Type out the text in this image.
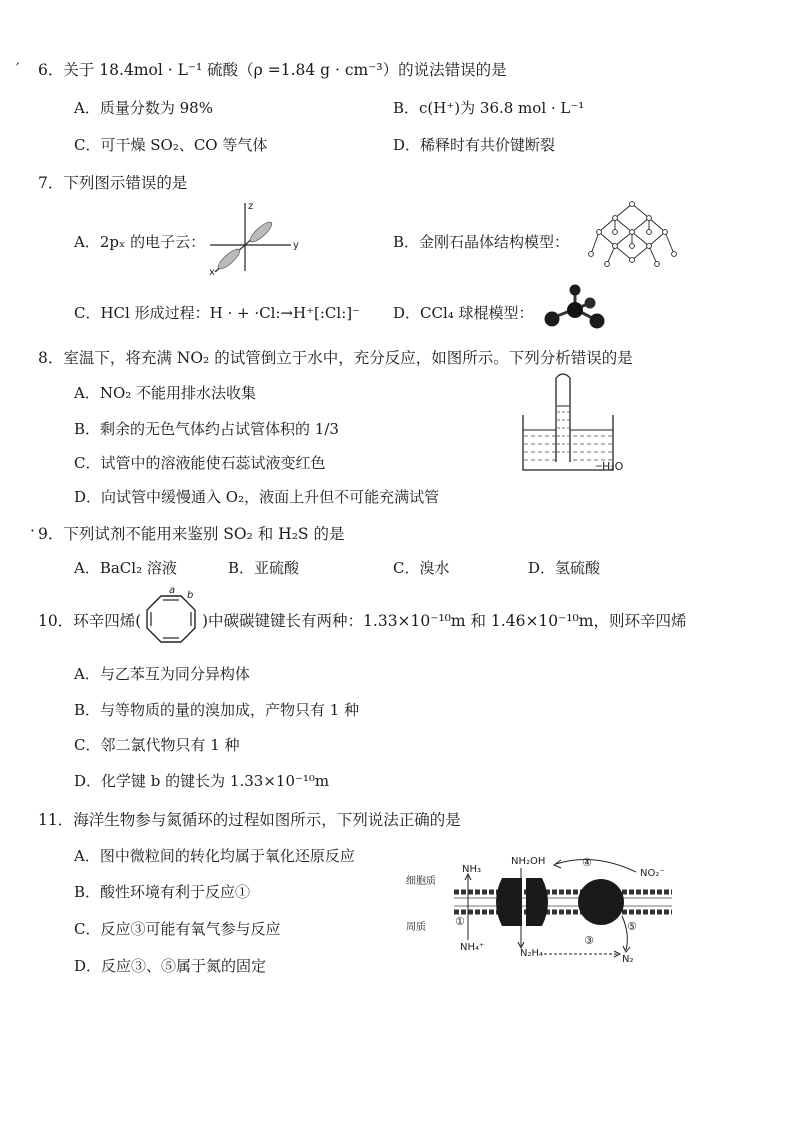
′ 6．关于 18.4mol · L⁻¹ 硫酸（ρ =1.84 g · cm⁻³）的说法错误的是
A．质量分数为 98%	B．c(H⁺)为 36.8 mol · L⁻¹
C．可干燥 SO₂、CO 等气体	D．稀释时有共价键断裂
7．下列图示错误的是
A．2pₓ 的电子云：
z
y
x
B．金刚石晶体结构模型：
C．HCl 形成过程：H · + ·Cl:→H⁺[:Cl:]⁻ D．CCl₄ 球棍模型：
8．室温下，将充满 NO₂ 的试管倒立于水中，充分反应，如图所示。下列分析错误的是
A．NO₂ 不能用排水法收集
B．剩余的无色气体约占试管体积的 1/3
C．试管中的溶液能使石蕊试液变红色
D．向试管中缓慢通入 O₂，液面上升但不可能充满试管
H₂O
· 9．下列试剂不能用来鉴别 SO₂ 和 H₂S 的是
A．BaCl₂ 溶液	B．亚硫酸	C．溴水	D．氢硫酸
10．环辛四烯(
a b
)中碳碳键键长有两种：1.33×10⁻¹⁰m 和 1.46×10⁻¹⁰m，则环辛四烯
A．与乙苯互为同分异构体
B．与等物质的量的溴加成，产物只有 1 种
C．邻二氯代物只有 1 种
D．化学键 b 的键长为 1.33×10⁻¹⁰m
11．海洋生物参与氮循环的过程如图所示，下列说法正确的是
A．图中微粒间的转化均属于氧化还原反应
B．酸性环境有利于反应①
C．反应③可能有氧气参与反应
D．反应③、⑤属于氮的固定
细胞质
周质
NH₃
NH₄⁺
NH₂OH
NO₂⁻
N₂H₄
N₂
①
④
③
⑤
